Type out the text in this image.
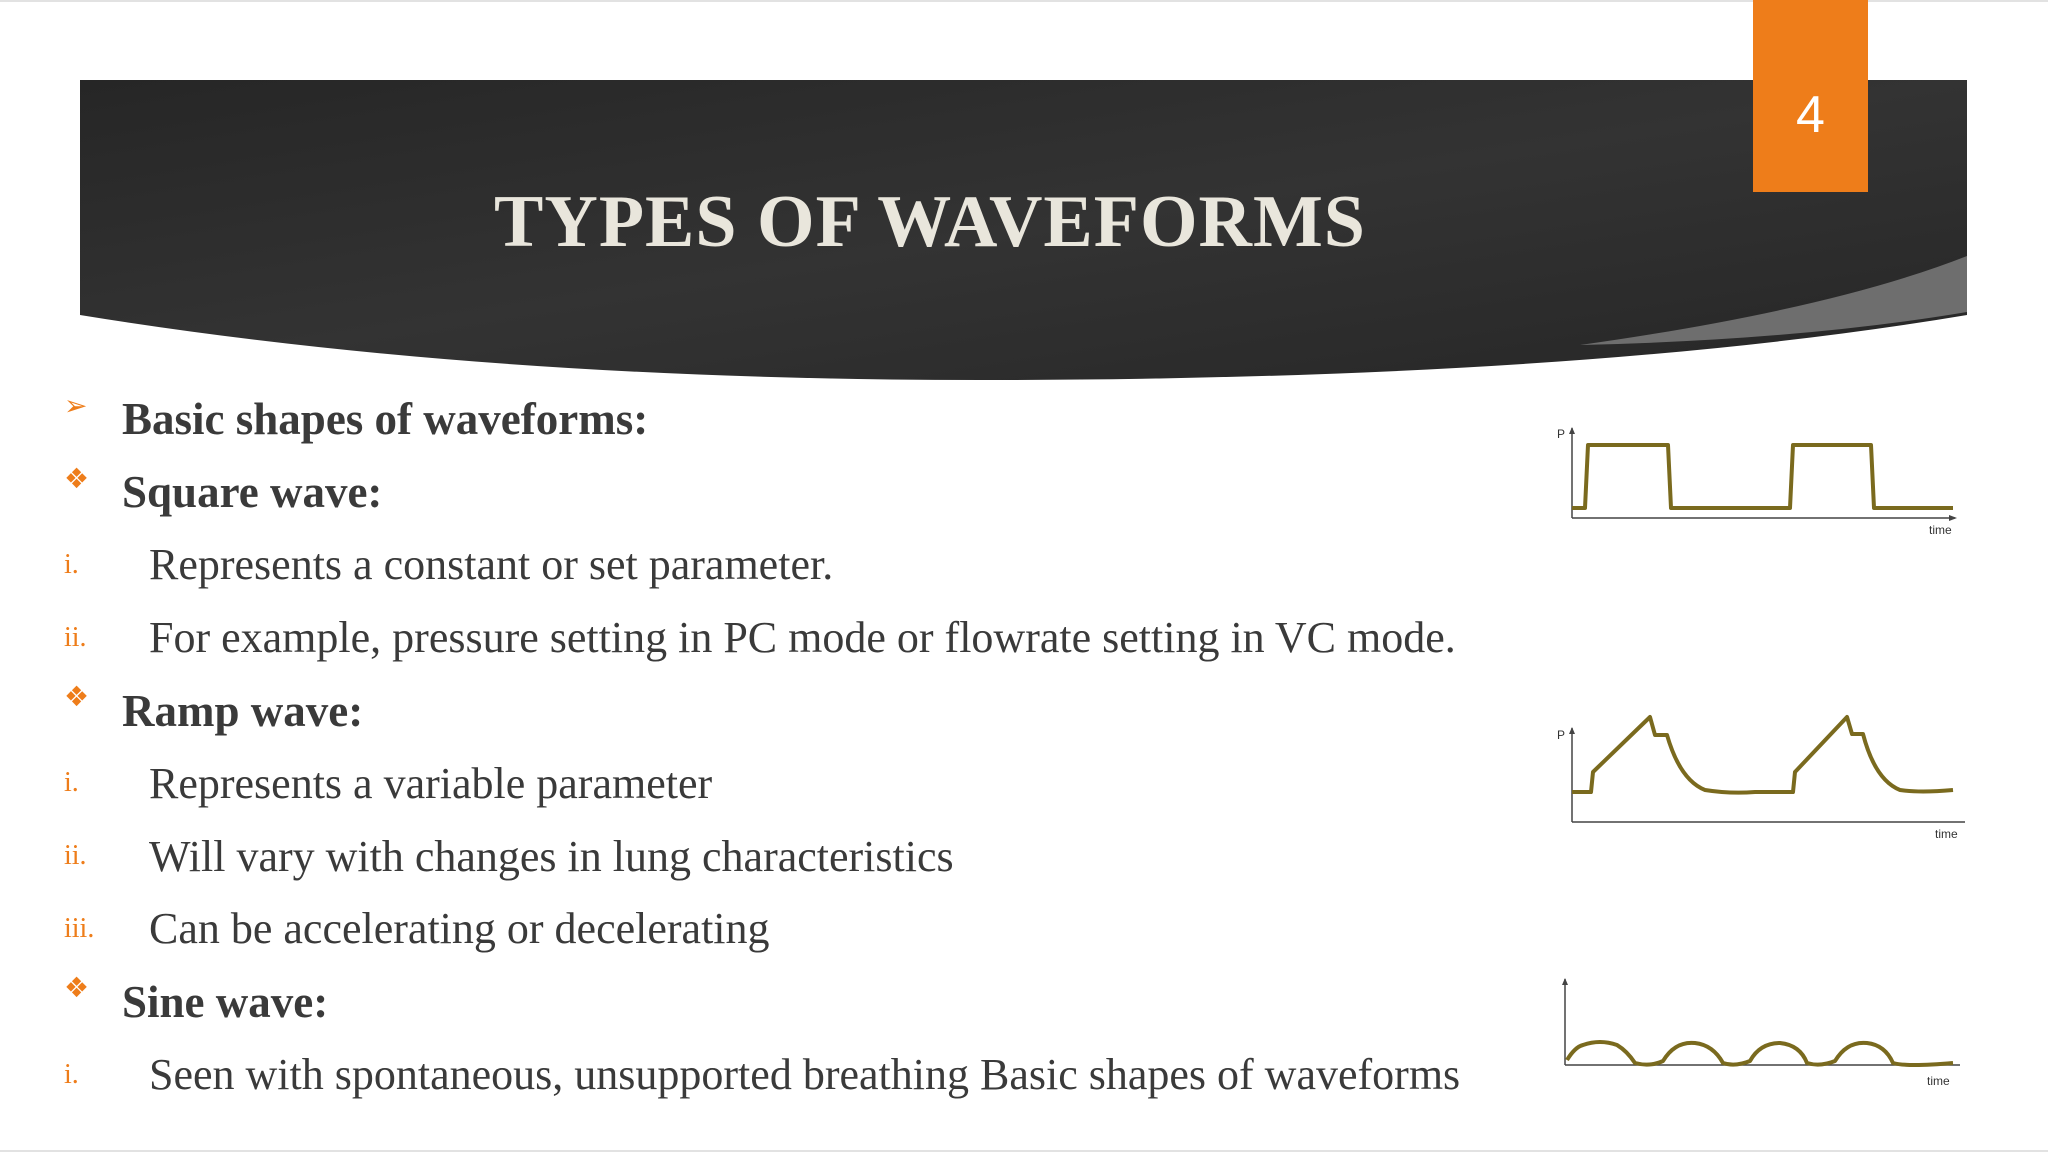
TYPES OF WAVEFORMS
4
➢ Basic shapes of waveforms:
❖ Square wave:
i.	Represents a constant or set parameter.
ii.	For example, pressure setting in PC mode or flowrate setting in VC mode.
❖ Ramp wave:
i.	Represents a variable parameter
ii.	Will vary with changes in lung characteristics
iii.	Can be accelerating or decelerating
❖ Sine wave:
i.	Seen with spontaneous, unsupported breathing Basic shapes of waveforms
P
time
P
time
time
